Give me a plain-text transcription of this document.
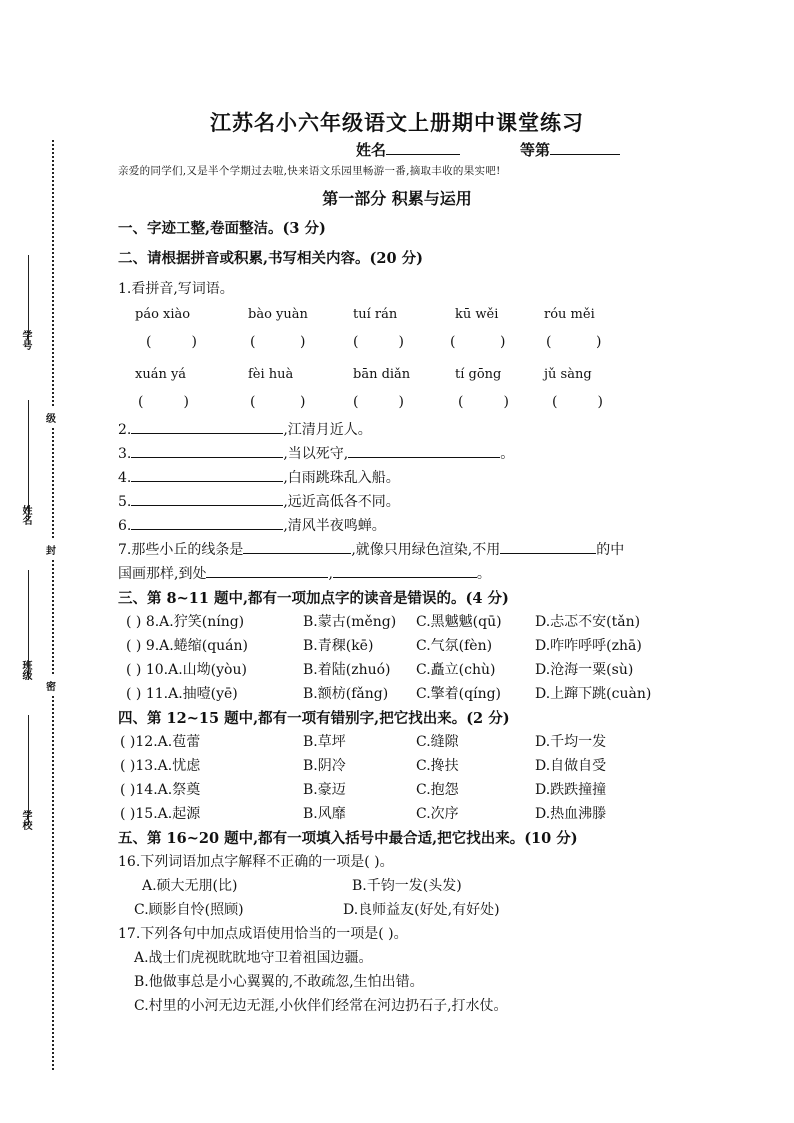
学号
姓名
班级
学校
级
封
密
江苏名小六年级语文上册期中课堂练习
姓名	等第
亲爱的同学们,又是半个学期过去啦,快来语文乐园里畅游一番,摘取丰收的果实吧!
第一部分 积累与运用
一、字迹工整,卷面整洁。(3 分)
二、请根据拼音或积累,书写相关内容。(20 分)
1.看拼音,写词语。
páo xiào	bào yuàn	tuí rán	kū wěi	róu měi
(         )	(          )	(         )	(          )	(          )
xuán yá	fèi huà	bān diǎn	tí gōng	jǔ sàng
(         )	(          )	(         )	(         )	(         )
2.	,江清月近人。
3.	,当以死守,	。
4.	,白雨跳珠乱入船。
5.	,远近高低各不同。
6.	,清风半夜鸣蝉。
7.那些小丘的线条是	,就像只用绿色渲染,不用	的中
国画那样,到处	,	。
三、第 8~11 题中,都有一项加点字的读音是错误的。(4 分)
( ) 8.A.狞笑(níng)	B.蒙古(měng) C.黑魆魆(qū) D.忐忑不安(tǎn)
( ) 9.A.蜷缩(quán)	B.青稞(kē)	C.气氛(fèn)	D.咋咋呼呼(zhā)
( ) 10.A.山坳(yòu)	B.着陆(zhuó) C.矗立(chù)	D.沧海一粟(sù)
( ) 11.A.抽噎(yē)	B.额枋(fǎng) C.擎着(qíng) D.上蹿下跳(cuàn)
四、第 12~15 题中,都有一项有错别字,把它找出来。(2 分)
( )12.A.苞蕾	B.草坪	C.缝隙	D.千均一发
( )13.A.忧虑	B.阴冷	C.搀扶	D.自做自受
( )14.A.祭奠	B.豪迈	C.抱怨	D.跌跌撞撞
( )15.A.起源	B.风靡	C.次序	D.热血沸滕
五、第 16~20 题中,都有一项填入括号中最合适,把它找出来。(10 分)
16.下列词语加点字解释不正确的一项是( )。
A.硕大无朋(比)	B.千钧一发(头发)
C.顾影自怜(照顾)	D.良师益友(好处,有好处)
17.下列各句中加点成语使用恰当的一项是( )。
A.战士们虎视眈眈地守卫着祖国边疆。
B.他做事总是小心翼翼的,不敢疏忽,生怕出错。
C.村里的小河无边无涯,小伙伴们经常在河边扔石子,打水仗。
